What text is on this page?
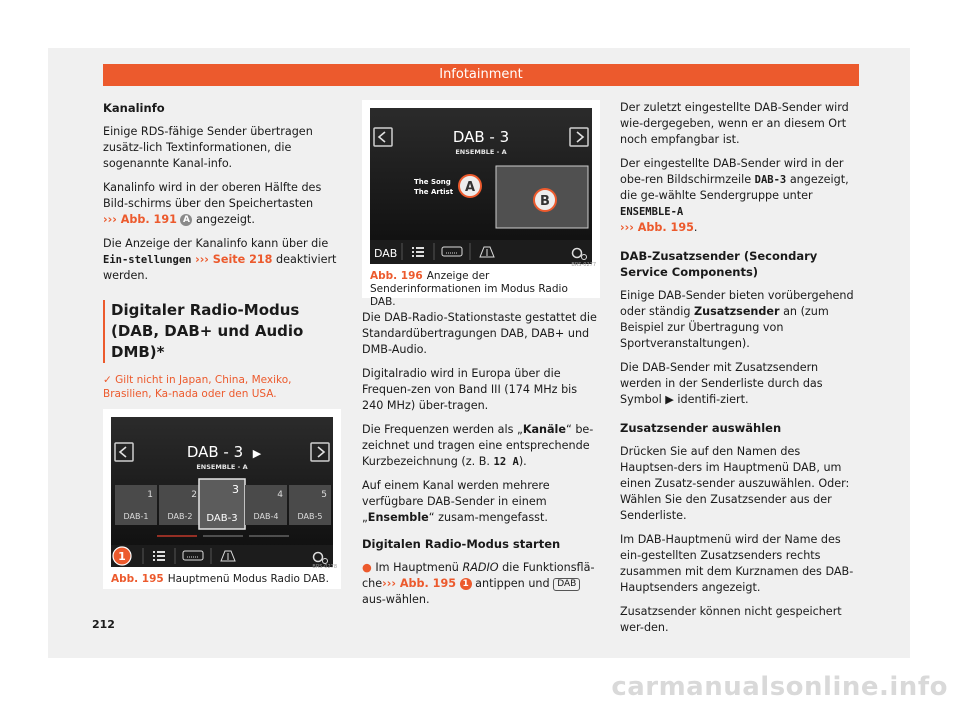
Infotainment

Kanalinfo

Einige RDS-fähige Sender übertragen zusätz-lich Textinformationen, die sogenannte Kanal-info.

Kanalinfo wird in der oberen Hälfte des Bild-schirms über den Speichertasten
››› Abb. 191 A angezeigt.

Die Anzeige der Kanalinfo kann über die Ein-stellungen ››› Seite 218 deaktiviert werden.

Digitaler Radio-Modus (DAB, DAB+ und Audio DMB)*

✓ Gilt nicht in Japan, China, Mexiko, Brasilien, Ka-nada oder den USA.

DAB - 3 ▶
ENSEMBLE - A
1
DAB-1
2
DAB-2
3
DAB-3
4
DAB-4
5
DAB-5
1
BRS-0278
Abb. 195 Hauptmenü Modus Radio DAB.
DAB - 3
ENSEMBLE - A
The Song
The Artist A
B
DAB
BRS-0277
Abb. 196 Anzeige der Senderinformationen im Modus Radio DAB.

Die DAB-Radio-Stationstaste gestattet die Standardübertragungen DAB, DAB+ und DMB-Audio.

Digitalradio wird in Europa über die Frequen-zen von Band III (174 MHz bis 240 MHz) über-tragen.

Die Frequenzen werden als „Kanäle“ be-zeichnet und tragen eine entsprechende Kurzbezeichnung (z. B. 12 A).

Auf einem Kanal werden mehrere verfügbare DAB-Sender in einem „Ensemble“ zusam-mengefasst.

Digitalen Radio-Modus starten

● Im Hauptmenü RADIO die Funktionsflä-che››› Abb. 195 1 antippen und DAB aus-wählen.

Der zuletzt eingestellte DAB-Sender wird wie-dergegeben, wenn er an diesem Ort noch empfangbar ist.

Der eingestellte DAB-Sender wird in der obe-ren Bildschirmzeile DAB-3 angezeigt, die ge-wählte Sendergruppe unter ENSEMBLE-A
››› Abb. 195.

DAB-Zusatzsender (Secondary Service Components)

Einige DAB-Sender bieten vorübergehend oder ständig Zusatzsender an (zum Beispiel zur Übertragung von Sportveranstaltungen).

Die DAB-Sender mit Zusatzsendern werden in der Senderliste durch das Symbol ▶ identifi-ziert.

Zusatzsender auswählen

Drücken Sie auf den Namen des Hauptsen-ders im Hauptmenü DAB, um einen Zusatz-sender auszuwählen. Oder: Wählen Sie den Zusatzsender aus der Senderliste.

Im DAB-Hauptmenü wird der Name des ein-gestellten Zusatzsenders rechts zusammen mit dem Kurznamen des DAB-Hauptsenders angezeigt.

Zusatzsender können nicht gespeichert wer-den.

212
carmanualsonline.info
